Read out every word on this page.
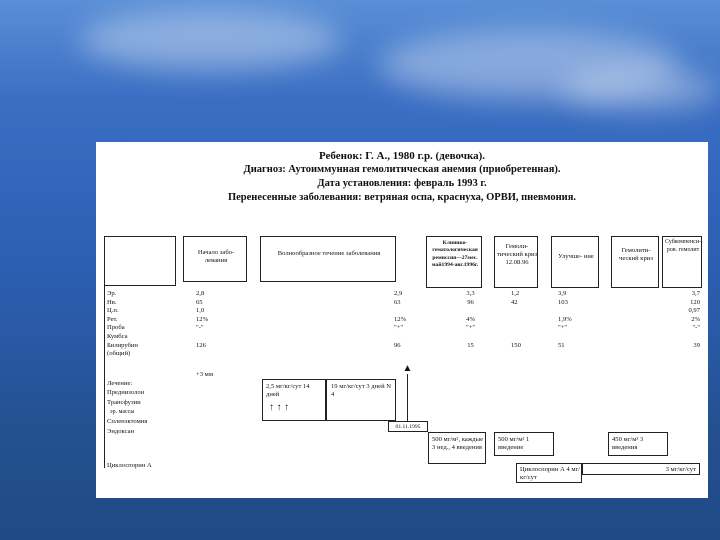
Ребенок: Г. А., 1980 г.р. (девочка).
Диагноз: Аутоиммунная гемолитическая анемия (приобретенная).
Дата установления: февраль 1993 г.
Перенесенные заболевания: ветряная оспа, краснуха, ОРВИ, пневмония.
Начало забо- левания
Волнообразное течение заболевания
Клинико- гематологическая ремиссия—27мес. май1994-авг.1996г.
Гемоли- тический криз 12.08.96
Улучше- ние
Гемолити- ческий криз
Субкомпенси- ров. гемолит
Эр.
Нв.
Ц.п.
Рет.
Проба
Кумбса
Билирубин
(общий)
Лечение:
Преднизолон
Трансфузии
эр. массы
Спленэктомия
Эндоксан
Циклоспорин А
2,8
65
1,0
12%
"-"
126
+3 мм
2,9
63
12%
"+"
96
3,3
96
4%
"+"
15
1,2
42
150
3,9
103
1,9%
"+"
51
3,7
120
0,97
2%
"-"
39
2,5 мг/кг/сут 14 дней
↑ ↑ ↑
19 мг/кг/сут 3 дней N 4
▲
01.11.1995
500 мг/м², каждые 3 нед., 4 введения
500 мг/м² 1 введение
450 мг/м² 3 введения
Циклоспорин А 4 мг/кг/сут
3 мг/кг/сут
